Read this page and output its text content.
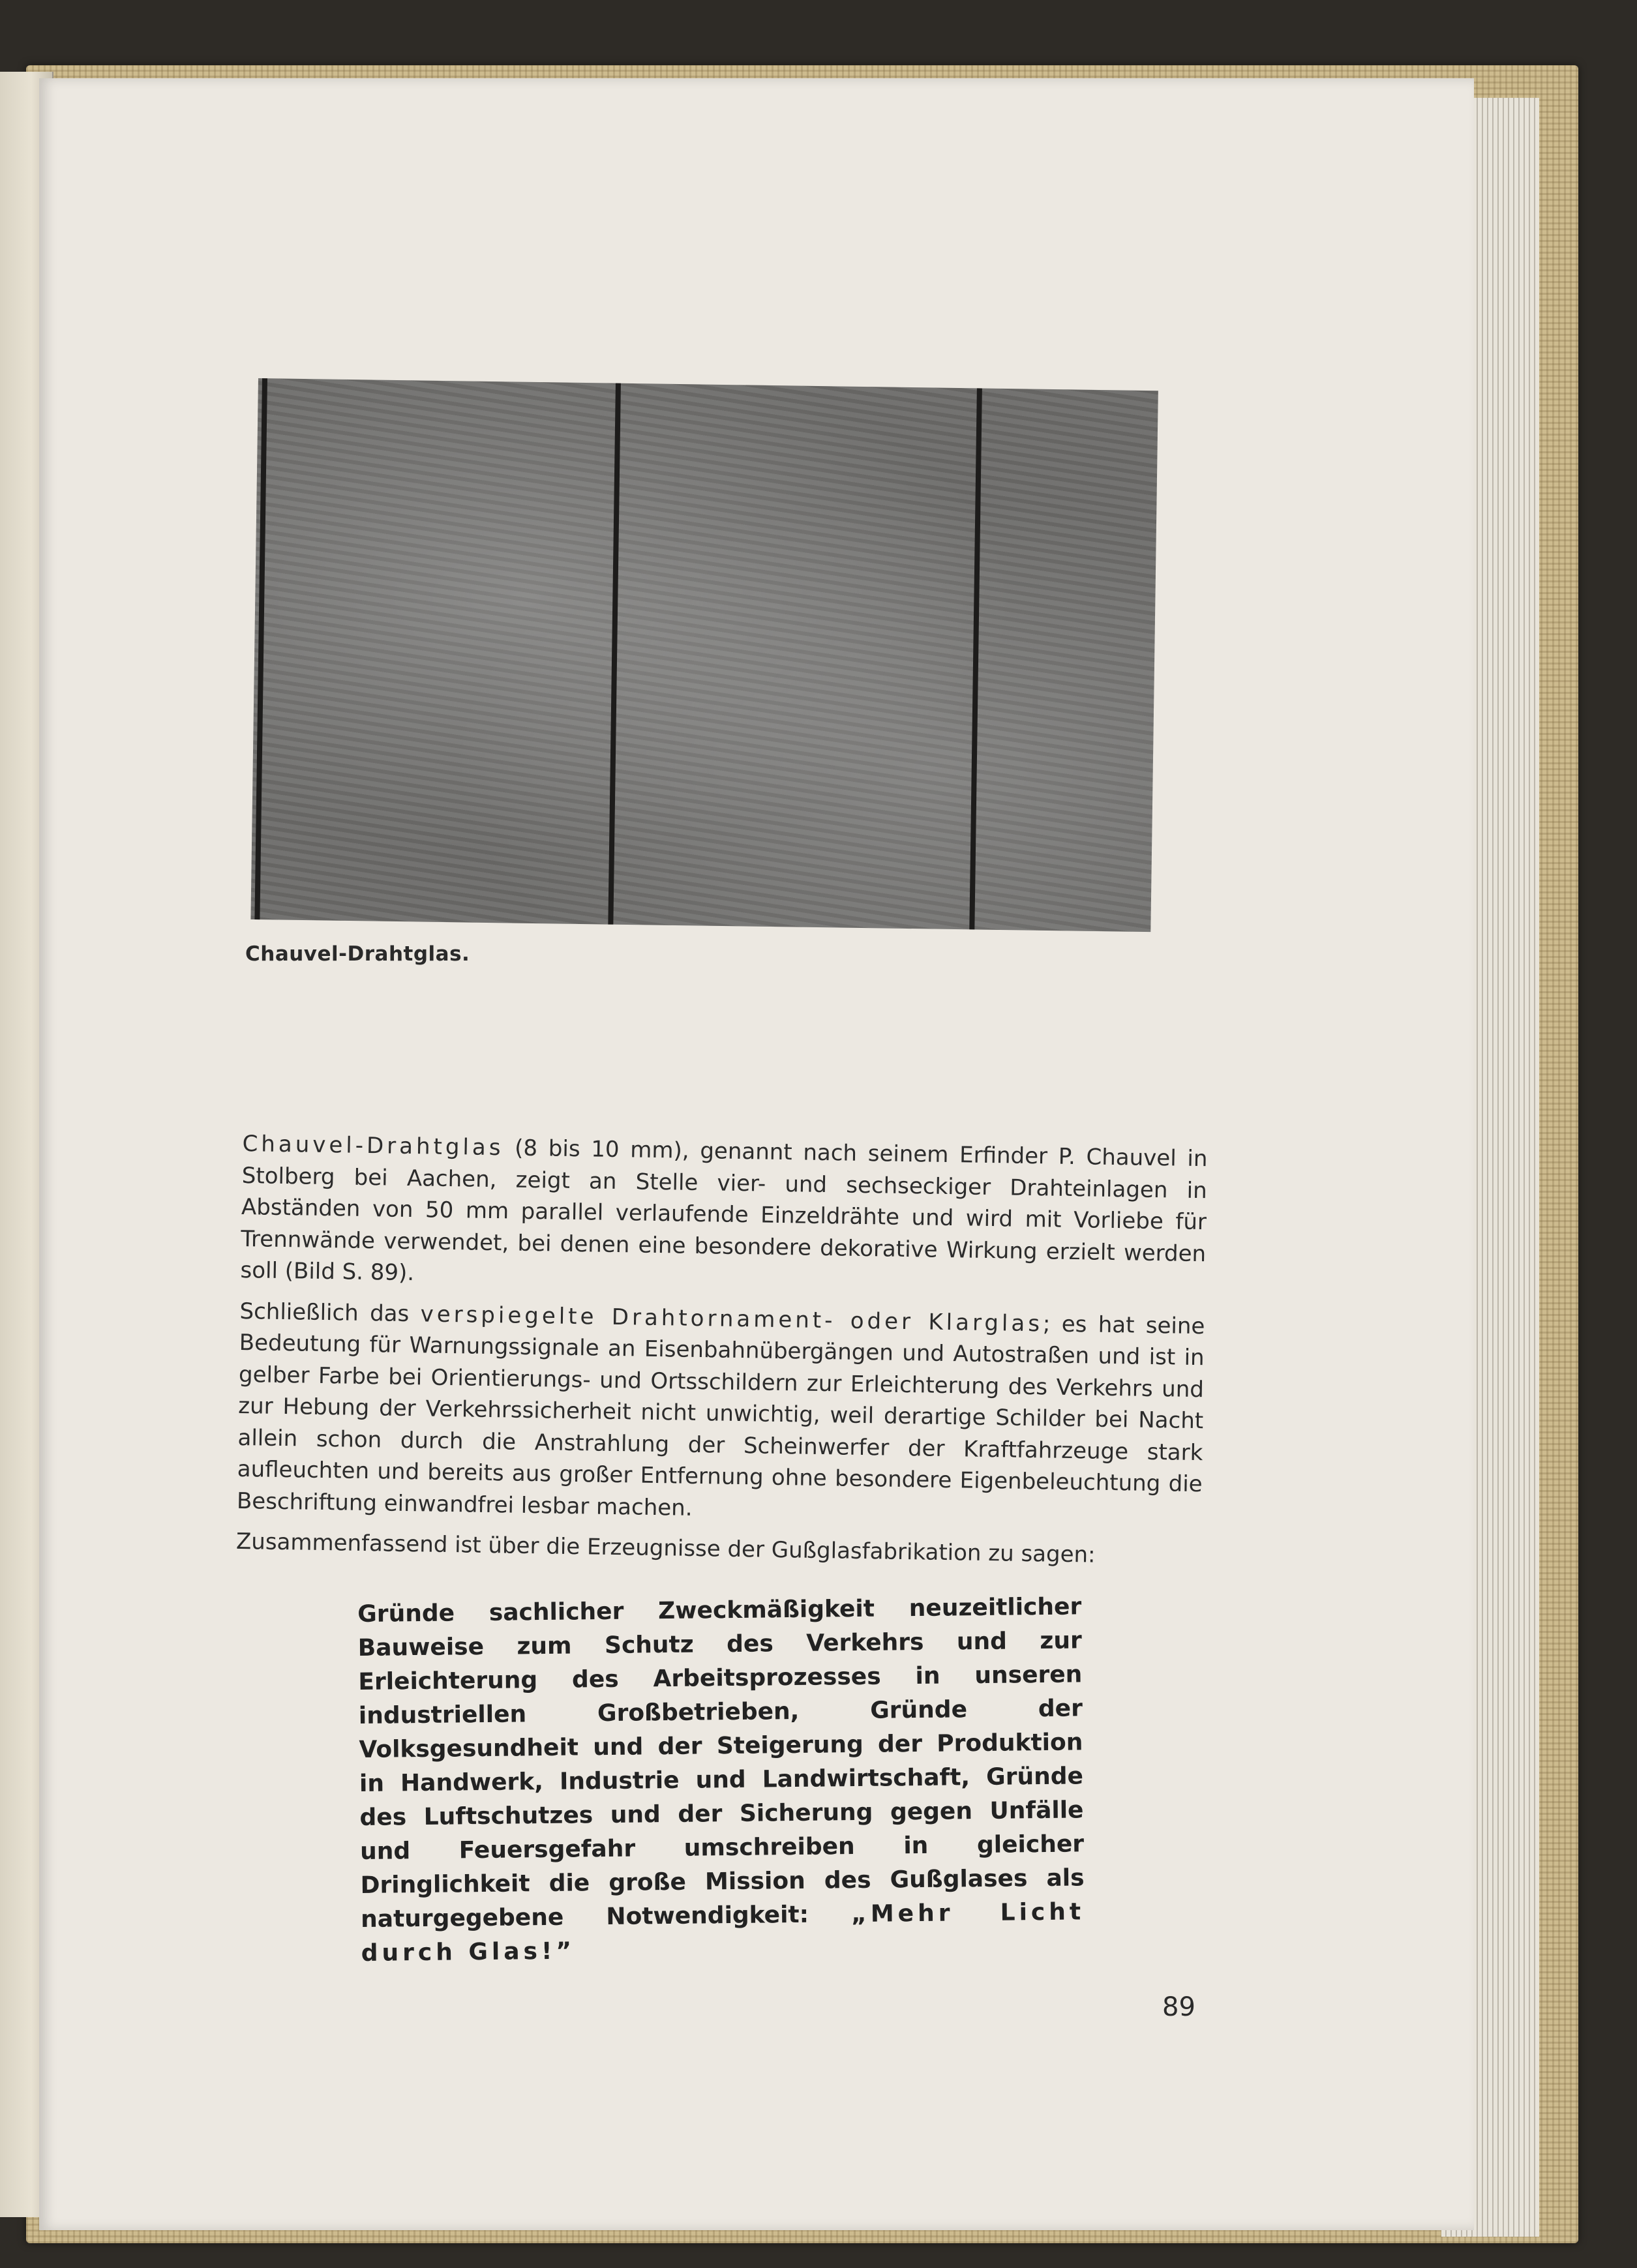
Chauvel-Drahtglas.

Chauvel-Drahtglas (8 bis 10 mm), genannt nach seinem Erfinder P. Chauvel in Stolberg bei Aachen, zeigt an Stelle vier- und sechseckiger Drahteinlagen in Abständen von 50 mm parallel verlaufende Einzeldrähte und wird mit Vorliebe für Trennwände verwendet, bei denen eine besondere dekorative Wirkung erzielt werden soll (Bild S. 89).

Schließlich das verspiegelte Drahtornament- oder Klarglas; es hat seine Bedeutung für Warnungssignale an Eisenbahnübergängen und Autostraßen und ist in gelber Farbe bei Orientierungs- und Ortsschildern zur Erleichterung des Verkehrs und zur Hebung der Verkehrssicherheit nicht unwichtig, weil derartige Schilder bei Nacht allein schon durch die Anstrahlung der Scheinwerfer der Kraftfahrzeuge stark aufleuchten und bereits aus großer Entfernung ohne besondere Eigenbeleuchtung die Beschriftung einwandfrei lesbar machen.

Zusammenfassend ist über die Erzeugnisse der Gußglasfabrikation zu sagen:

Gründe sachlicher Zweckmäßigkeit neuzeitlicher Bauweise zum Schutz des Verkehrs und zur Erleichterung des Arbeitsprozesses in unseren industriellen Großbetrieben, Gründe der Volksgesundheit und der Steigerung der Produktion in Handwerk, Industrie und Landwirtschaft, Gründe des Luftschutzes und der Sicherung gegen Unfälle und Feuersgefahr umschreiben in gleicher Dringlichkeit die große Mission des Gußglases als naturgegebene Notwendigkeit: „Mehr Licht durch Glas!”
89
